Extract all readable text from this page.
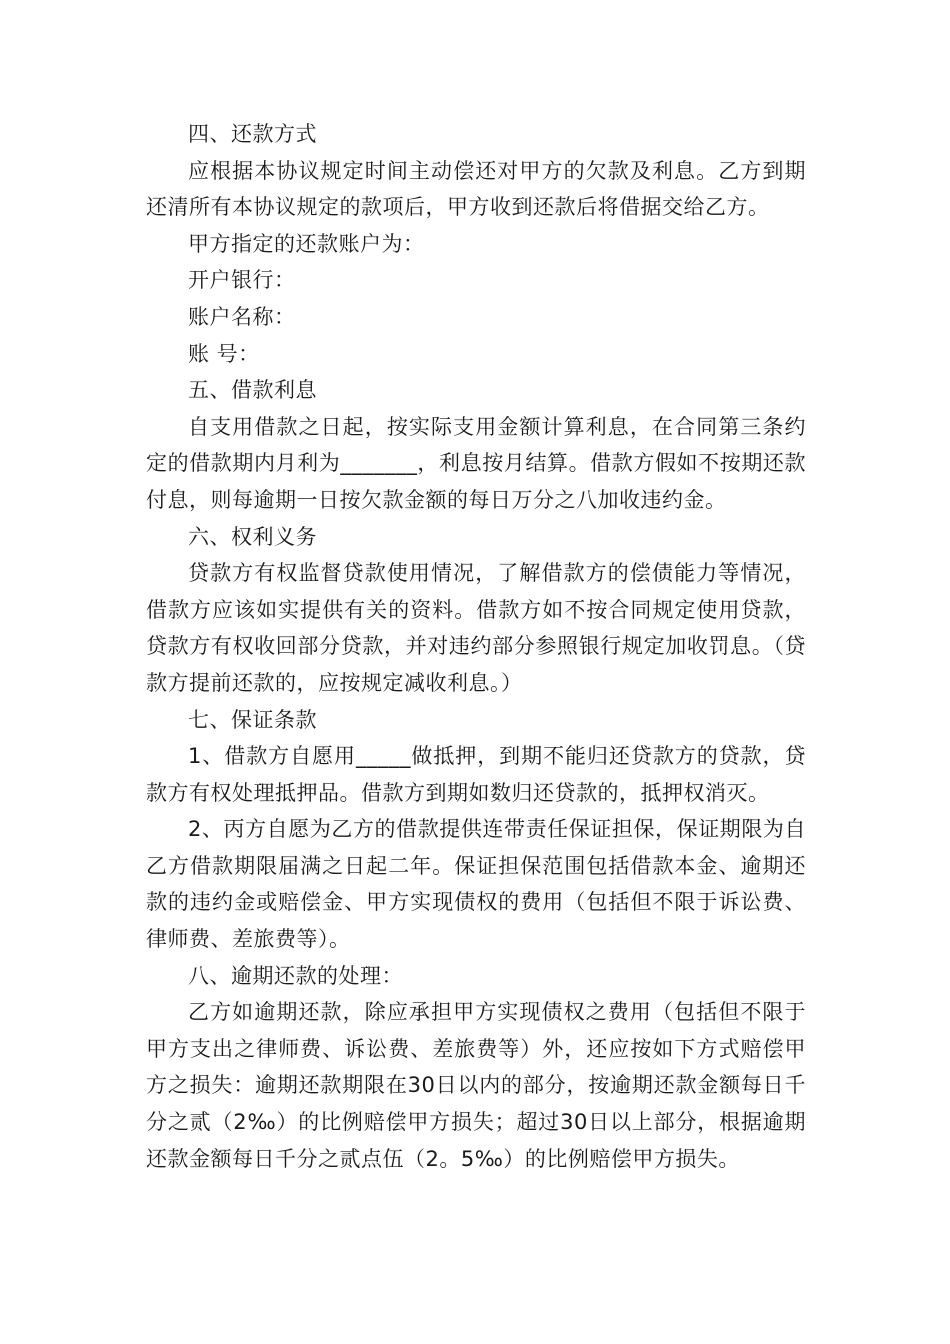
四、还款方式

应根据本协议规定时间主动偿还对甲方的欠款及利息。乙方到期还清所有本协议规定的款项后，甲方收到还款后将借据交给乙方。

甲方指定的还款账户为：

开户银行：

账户名称：

账 号：

五、借款利息

自支用借款之日起，按实际支用金额计算利息，在合同第三条约定的借款期内月利为_______，利息按月结算。借款方假如不按期还款付息，则每逾期一日按欠款金额的每日万分之八加收违约金。

六、权利义务

贷款方有权监督贷款使用情况，了解借款方的偿债能力等情况，借款方应该如实提供有关的资料。借款方如不按合同规定使用贷款，贷款方有权收回部分贷款，并对违约部分参照银行规定加收罚息。（贷款方提前还款的，应按规定减收利息。）

七、保证条款

1、借款方自愿用_____做抵押，到期不能归还贷款方的贷款，贷款方有权处理抵押品。借款方到期如数归还贷款的，抵押权消灭。

2、丙方自愿为乙方的借款提供连带责任保证担保，保证期限为自乙方借款期限届满之日起二年。保证担保范围包括借款本金、逾期还款的违约金或赔偿金、甲方实现债权的费用（包括但不限于诉讼费、律师费、差旅费等）。

八、逾期还款的处理：

乙方如逾期还款，除应承担甲方实现债权之费用（包括但不限于甲方支出之律师费、诉讼费、差旅费等）外，还应按如下方式赔偿甲方之损失：逾期还款期限在30日以内的部分，按逾期还款金额每日千分之贰（2‰）的比例赔偿甲方损失；超过30日以上部分，根据逾期还款金额每日千分之贰点伍（2。5‰）的比例赔偿甲方损失。
